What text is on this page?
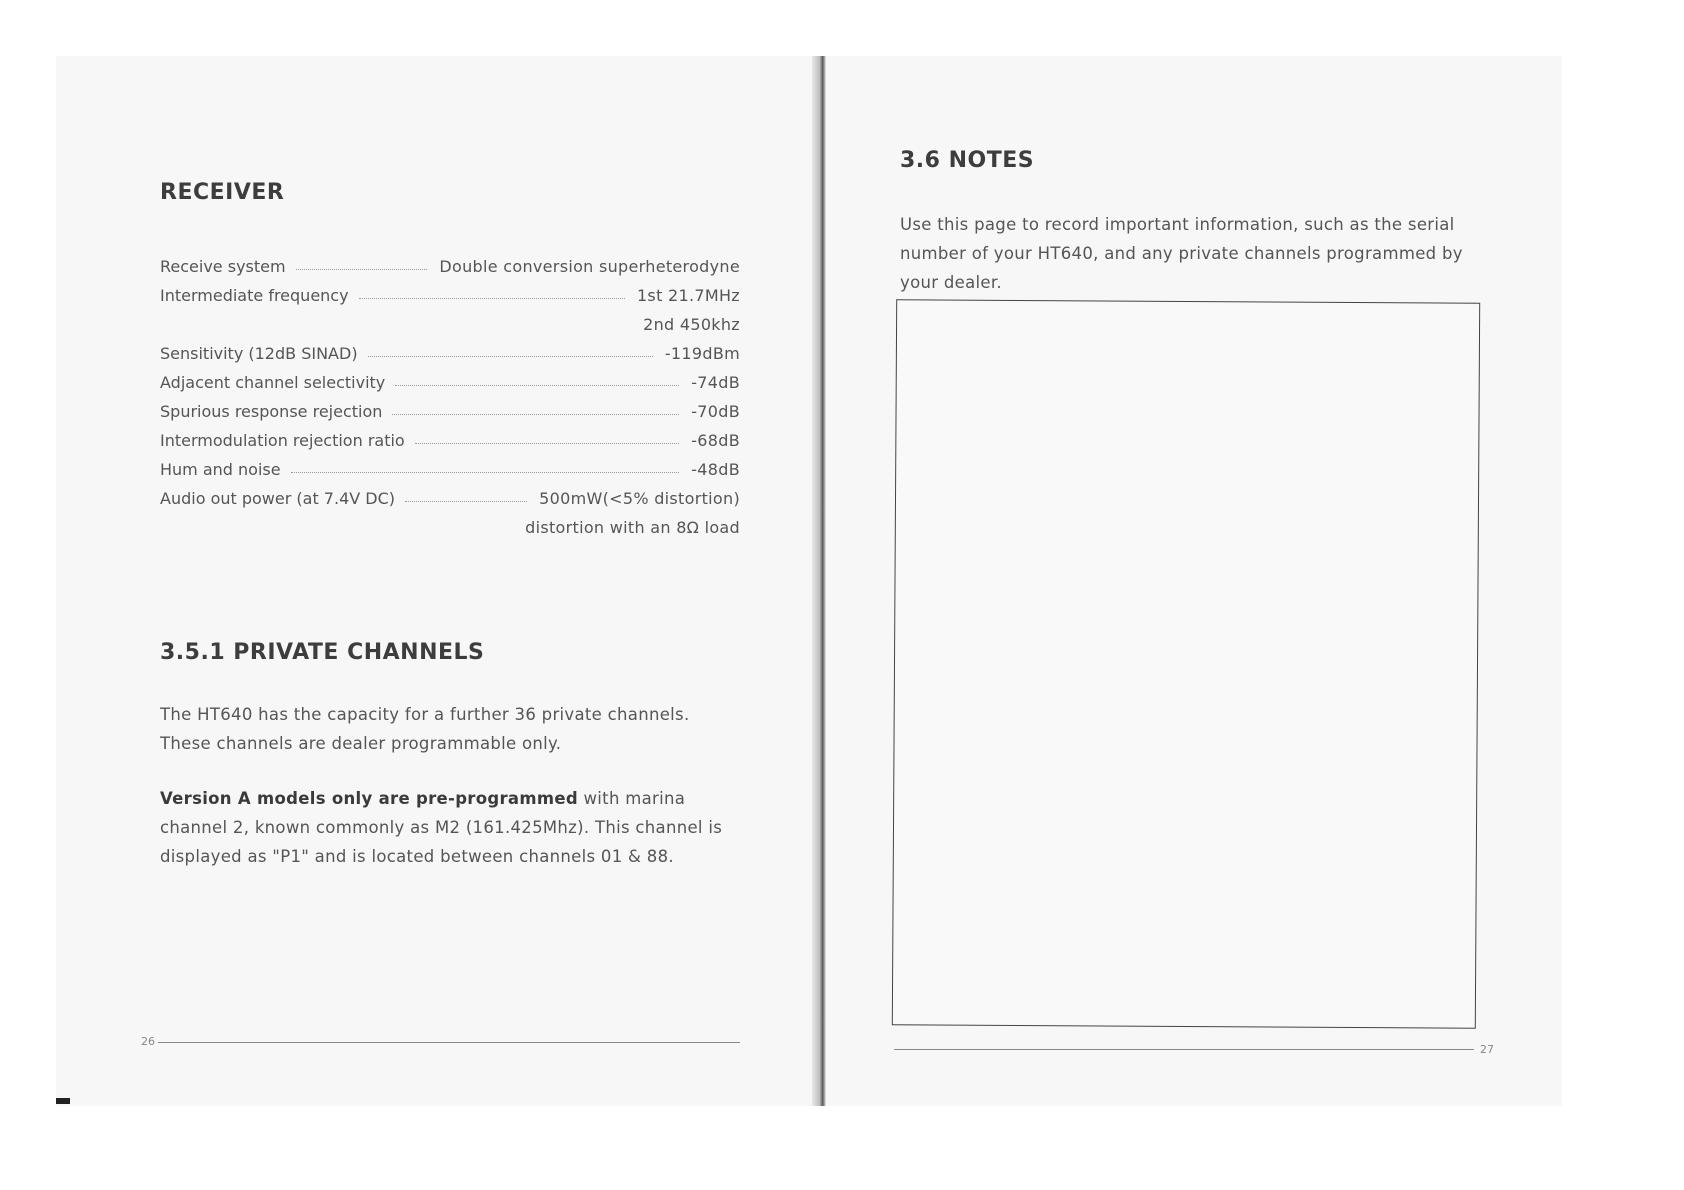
RECEIVER
Receive system	Double conversion superheterodyne
Intermediate frequency	1st 21.7MHz
2nd 450khz
Sensitivity (12dB SINAD)	-119dBm
Adjacent channel selectivity	-74dB
Spurious response rejection	-70dB
Intermodulation rejection ratio	-68dB
Hum and noise	-48dB
Audio out power (at 7.4V DC)	500mW(<5% distortion)
distortion with an 8Ω load
3.5.1 PRIVATE CHANNELS

The HT640 has the capacity for a further 36 private channels. These channels are dealer programmable only.

Version A models only are pre-programmed with marina channel 2, known commonly as M2 (161.425Mhz). This channel is displayed as "P1" and is located between channels 01 & 88.

26
3.6 NOTES

Use this page to record important information, such as the serial number of your HT640, and any private channels programmed by your dealer.

27
